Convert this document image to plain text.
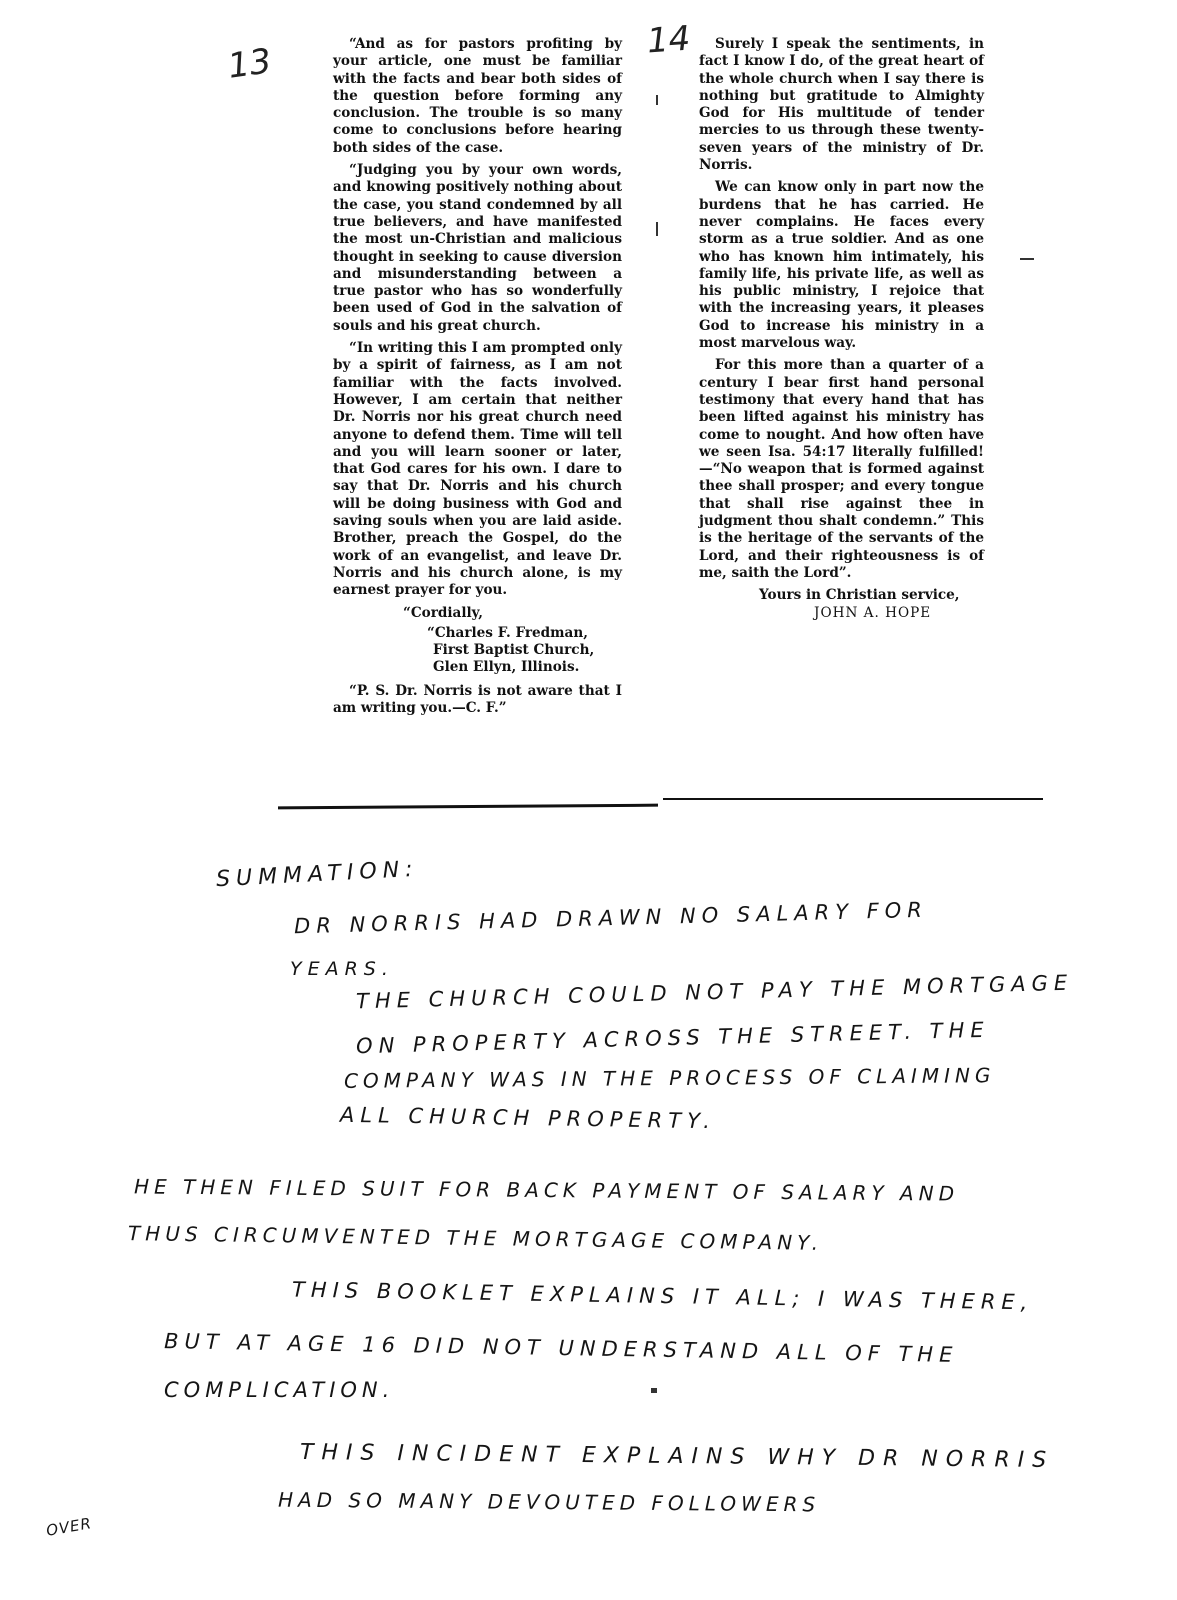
13
14

“And as for pastors profiting by your article, one must be familiar with the facts and bear both sides of the question before forming any conclusion. The trouble is so many come to conclusions before hearing both sides of the case.

“Judging you by your own words, and knowing positively nothing about the case, you stand condemned by all true believers, and have manifested the most un-Christian and malicious thought in seeking to cause diversion and misunderstanding between a true pastor who has so wonderfully been used of God in the salvation of souls and his great church.

“In writing this I am prompted only by a spirit of fairness, as I am not familiar with the facts involved. However, I am certain that neither Dr. Norris nor his great church need anyone to defend them. Time will tell and you will learn sooner or later, that God cares for his own. I dare to say that Dr. Norris and his church will be doing business with God and saving souls when you are laid aside. Brother, preach the Gospel, do the work of an evangelist, and leave Dr. Norris and his church alone, is my earnest prayer for you.

“Cordially,
“Charles F. Fredman,
First Baptist Church,
Glen Ellyn, Illinois.

“P. S. Dr. Norris is not aware that I am writing you.—C. F.”

Surely I speak the sentiments, in fact I know I do, of the great heart of the whole church when I say there is nothing but gratitude to Almighty God for His multitude of tender mercies to us through these twenty-seven years of the ministry of Dr. Norris.

We can know only in part now the burdens that he has carried. He never complains. He faces every storm as a true soldier. And as one who has known him intimately, his family life, his private life, as well as his public ministry, I rejoice that with the increasing years, it pleases God to increase his ministry in a most marvelous way.

For this more than a quarter of a century I bear first hand personal testimony that every hand that has been lifted against his ministry has come to nought. And how often have we seen Isa. 54:17 literally fulfilled!—“No weapon that is formed against thee shall prosper; and every tongue that shall rise against thee in judgment thou shalt condemn.” This is the heritage of the servants of the Lord, and their righteousness is of me, saith the Lord”.

Yours in Christian service,
JOHN A. HOPE
SUMMATION:
DR NORRIS HAD DRAWN NO SALARY FOR
YEARS.
THE CHURCH COULD NOT PAY THE MORTGAGE
ON PROPERTY ACROSS THE STREET. THE
COMPANY WAS IN THE PROCESS OF CLAIMING
ALL CHURCH PROPERTY.
HE THEN FILED SUIT FOR BACK PAYMENT OF SALARY AND
THUS CIRCUMVENTED THE MORTGAGE COMPANY.
THIS BOOKLET EXPLAINS IT ALL; I WAS THERE,
BUT AT AGE 16 DID NOT UNDERSTAND ALL OF THE
COMPLICATION.
THIS INCIDENT EXPLAINS WHY DR NORRIS
HAD SO MANY DEVOUTED FOLLOWERS
OVER
